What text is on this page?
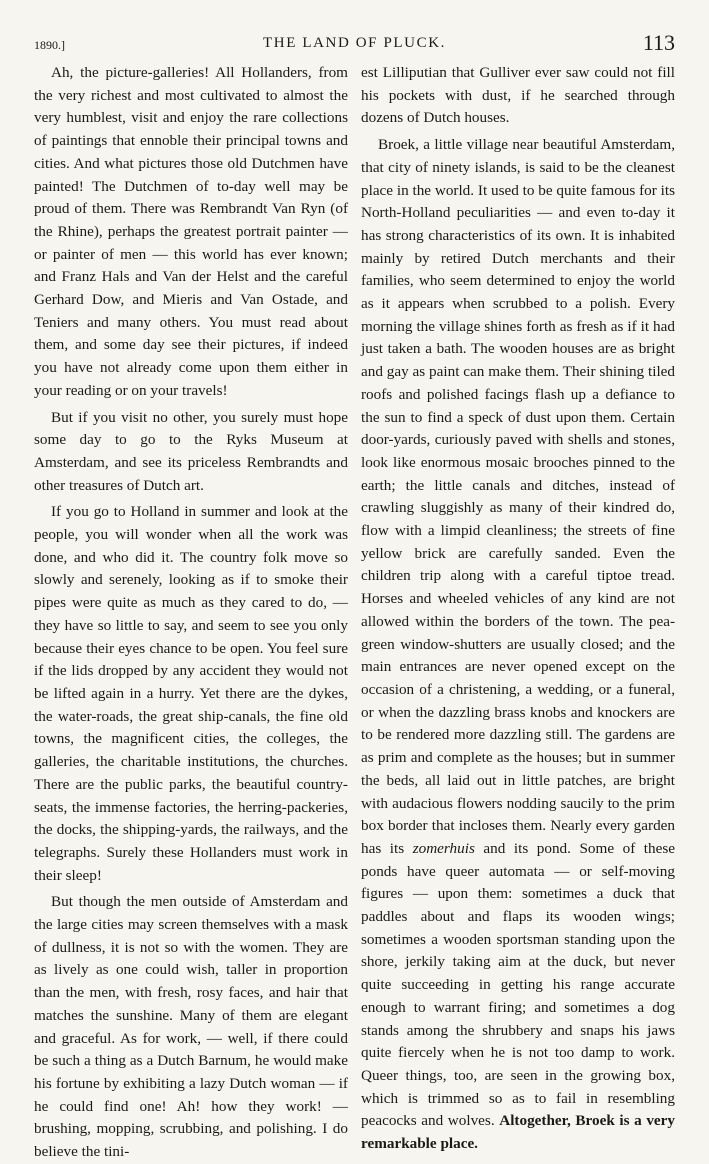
1890.]	THE LAND OF PLUCK.	113

Ah, the picture-galleries! All Hollanders, from the very richest and most cultivated to almost the very humblest, visit and enjoy the rare collections of paintings that ennoble their principal towns and cities. And what pictures those old Dutchmen have painted! The Dutchmen of to-day well may be proud of them. There was Rembrandt Van Ryn (of the Rhine), perhaps the greatest portrait painter — or painter of men — this world has ever known; and Franz Hals and Van der Helst and the careful Gerhard Dow, and Mieris and Van Ostade, and Teniers and many others. You must read about them, and some day see their pictures, if indeed you have not already come upon them either in your reading or on your travels!

But if you visit no other, you surely must hope some day to go to the Ryks Museum at Amsterdam, and see its priceless Rembrandts and other treasures of Dutch art.

If you go to Holland in summer and look at the people, you will wonder when all the work was done, and who did it. The country folk move so slowly and serenely, looking as if to smoke their pipes were quite as much as they cared to do, — they have so little to say, and seem to see you only because their eyes chance to be open. You feel sure if the lids dropped by any accident they would not be lifted again in a hurry. Yet there are the dykes, the water-roads, the great ship-canals, the fine old towns, the magnificent cities, the colleges, the galleries, the charitable institutions, the churches. There are the public parks, the beautiful country-seats, the immense factories, the herring-packeries, the docks, the shipping-yards, the railways, and the telegraphs. Surely these Hollanders must work in their sleep!

But though the men outside of Amsterdam and the large cities may screen themselves with a mask of dullness, it is not so with the women. They are as lively as one could wish, taller in proportion than the men, with fresh, rosy faces, and hair that matches the sunshine. Many of them are elegant and graceful. As for work, — well, if there could be such a thing as a Dutch Barnum, he would make his fortune by exhibiting a lazy Dutch woman — if he could find one! Ah! how they work! — brushing, mopping, scrubbing, and polishing. I do believe the tini-

est Lilliputian that Gulliver ever saw could not fill his pockets with dust, if he searched through dozens of Dutch houses.

Broek, a little village near beautiful Amsterdam, that city of ninety islands, is said to be the cleanest place in the world. It used to be quite famous for its North-Holland peculiarities — and even to-day it has strong characteristics of its own. It is inhabited mainly by retired Dutch merchants and their families, who seem determined to enjoy the world as it appears when scrubbed to a polish. Every morning the village shines forth as fresh as if it had just taken a bath. The wooden houses are as bright and gay as paint can make them. Their shining tiled roofs and polished facings flash up a defiance to the sun to find a speck of dust upon them. Certain door-yards, curiously paved with shells and stones, look like enormous mosaic brooches pinned to the earth; the little canals and ditches, instead of crawling sluggishly as many of their kindred do, flow with a limpid cleanliness; the streets of fine yellow brick are carefully sanded. Even the children trip along with a careful tiptoe tread. Horses and wheeled vehicles of any kind are not allowed within the borders of the town. The pea-green window-shutters are usually closed; and the main entrances are never opened except on the occasion of a christening, a wedding, or a funeral, or when the dazzling brass knobs and knockers are to be rendered more dazzling still. The gardens are as prim and complete as the houses; but in summer the beds, all laid out in little patches, are bright with audacious flowers nodding saucily to the prim box border that incloses them. Nearly every garden has its zomerhuis and its pond. Some of these ponds have queer automata — or self-moving figures — upon them: sometimes a duck that paddles about and flaps its wooden wings; sometimes a wooden sportsman standing upon the shore, jerkily taking aim at the duck, but never quite succeeding in getting his range accurate enough to warrant firing; and sometimes a dog stands among the shrubbery and snaps his jaws quite fiercely when he is not too damp to work. Queer things, too, are seen in the growing box, which is trimmed so as to fail in resembling peacocks and wolves. Altogether, Broek is a very remarkable place.
